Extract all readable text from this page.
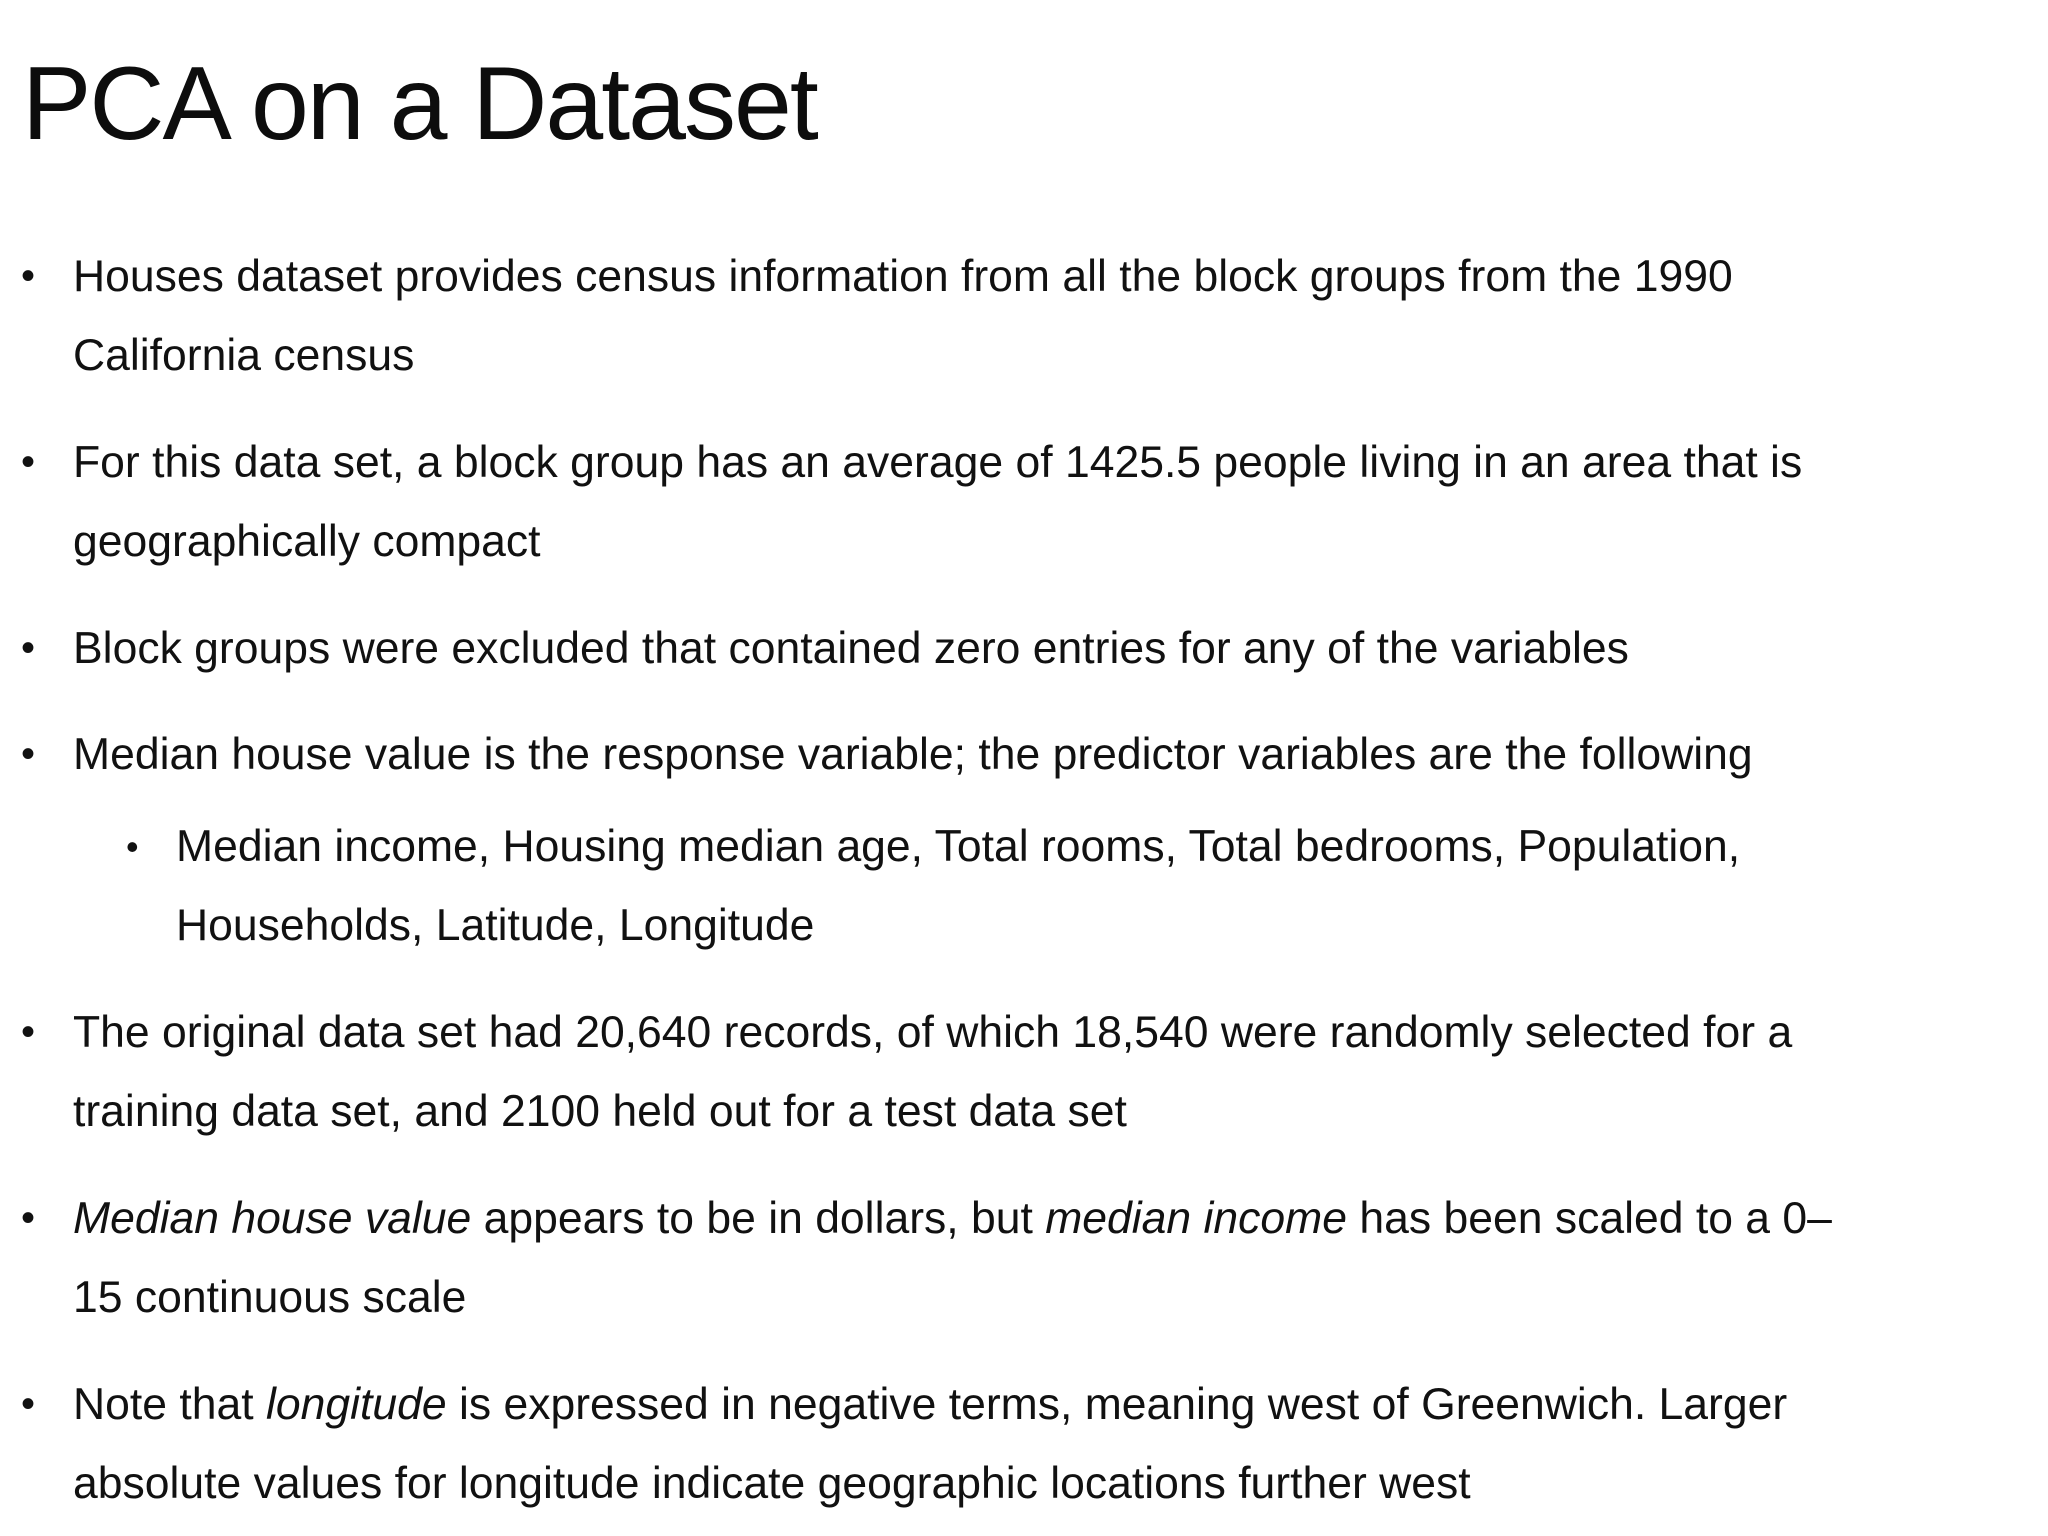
PCA on a Dataset
• Houses dataset provides census information from all the block groups from the 1990
California census
• For this data set, a block group has an average of 1425.5 people living in an area that is
geographically compact
• Block groups were excluded that contained zero entries for any of the variables
• Median house value is the response variable; the predictor variables are the following
• Median income, Housing median age, Total rooms, Total bedrooms, Population,
Households, Latitude, Longitude
• The original data set had 20,640 records, of which 18,540 were randomly selected for a
training data set, and 2100 held out for a test data set
• Median house value appears to be in dollars, but median income has been scaled to a 0–
15 continuous scale
• Note that longitude is expressed in negative terms, meaning west of Greenwich. Larger
absolute values for longitude indicate geographic locations further west
